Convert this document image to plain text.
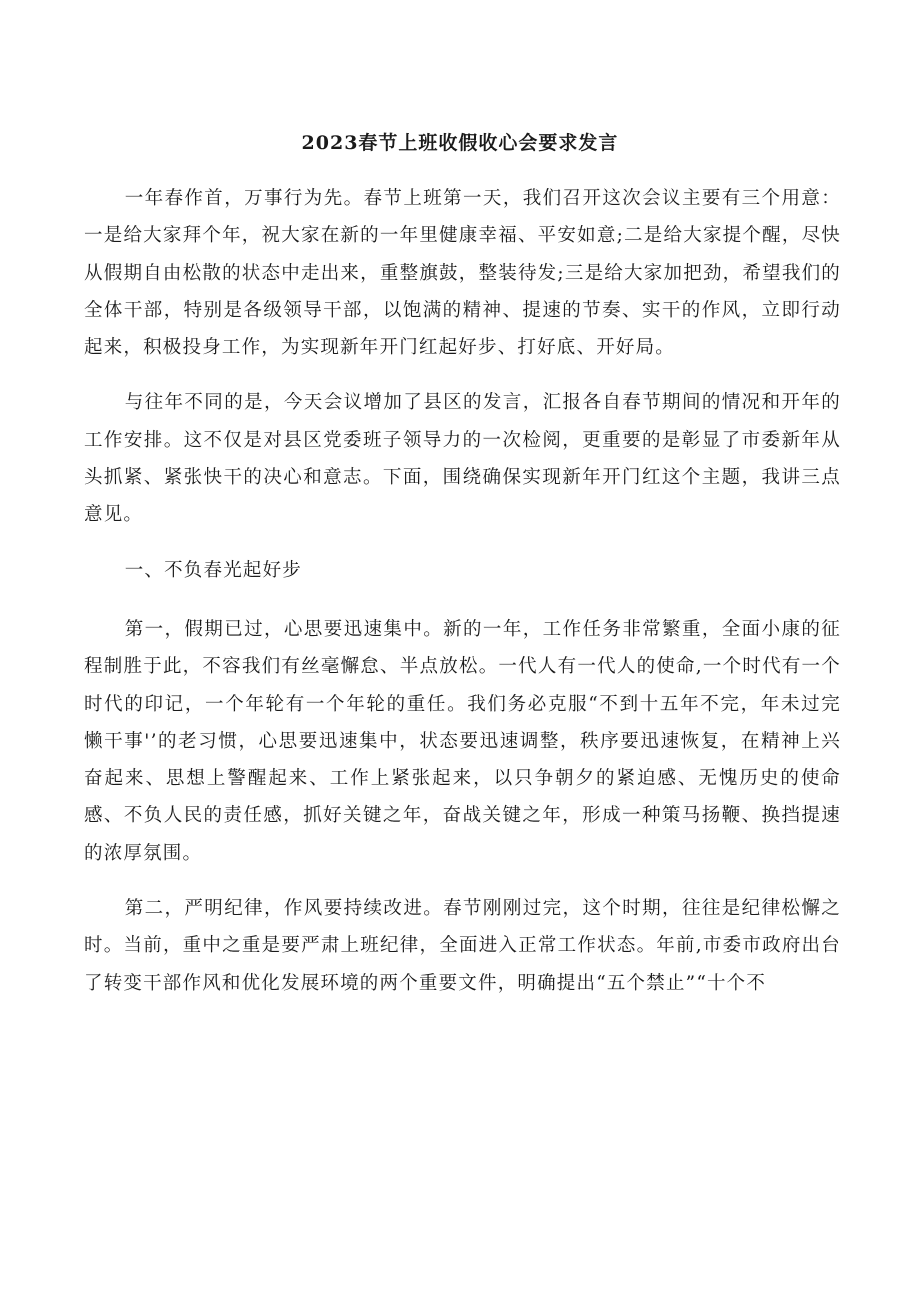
2023春节上班收假收心会要求发言

一年春作首，万事行为先。春节上班第一天，我们召开这次会议主要有三个用意：一是给大家拜个年，祝大家在新的一年里健康幸福、平安如意;二是给大家提个醒，尽快从假期自由松散的状态中走出来，重整旗鼓，整装待发;三是给大家加把劲，希望我们的全体干部，特别是各级领导干部，以饱满的精神、提速的节奏、实干的作风，立即行动起来，积极投身工作，为实现新年开门红起好步、打好底、开好局。

与往年不同的是，今天会议增加了县区的发言，汇报各自春节期间的情况和开年的工作安排。这不仅是对县区党委班子领导力的一次检阅，更重要的是彰显了市委新年从头抓紧、紧张快干的决心和意志。下面，围绕确保实现新年开门红这个主题，我讲三点意见。

一、不负春光起好步

第一，假期已过，心思要迅速集中。新的一年，工作任务非常繁重，全面小康的征程制胜于此，不容我们有丝毫懈怠、半点放松。一代人有一代人的使命,一个时代有一个时代的印记，一个年轮有一个年轮的重任。我们务必克服“不到十五年不完，年未过完懒干事'’的老习惯，心思要迅速集中，状态要迅速调整，秩序要迅速恢复，在精神上兴奋起来、思想上警醒起来、工作上紧张起来，以只争朝夕的紧迫感、无愧历史的使命感、不负人民的责任感，抓好关键之年，奋战关键之年，形成一种策马扬鞭、换挡提速的浓厚氛围。

第二，严明纪律，作风要持续改进。春节刚刚过完，这个时期，往往是纪律松懈之时。当前，重中之重是要严肃上班纪律，全面进入正常工作状态。年前,市委市政府出台了转变干部作风和优化发展环境的两个重要文件，明确提出“五个禁止”“十个不
